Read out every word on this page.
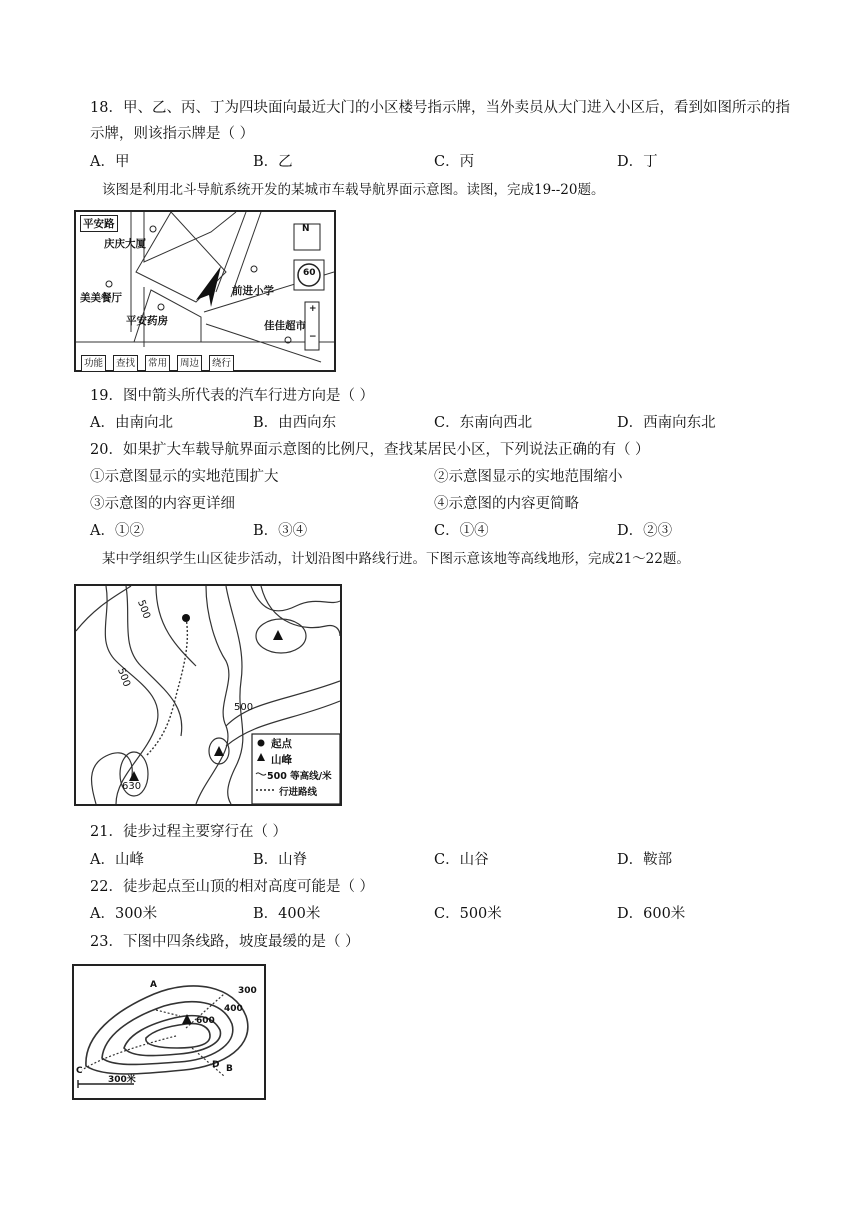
18．甲、乙、丙、丁为四块面向最近大门的小区楼号指示牌，当外卖员从大门进入小区后，看到如图所示的指
示牌，则该指示牌是（ ）
A．甲	B．乙	C．丙	D．丁
该图是利用北斗导航系统开发的某城市车载导航界面示意图。读图，完成19--20题。
平安路
庆庆大厦
美美餐厅
平安药房
前进小学
佳佳超市
N
60
+
−
功能	查找	常用	周边	绕行
19．图中箭头所代表的汽车行进方向是（ ）
A．由南向北	B．由西向东	C．东南向西北	D．西南向东北
20．如果扩大车载导航界面示意图的比例尺，查找某居民小区，下列说法正确的有（ ）
①示意图显示的实地范围扩大	②示意图显示的实地范围缩小
③示意图的内容更详细	④示意图的内容更简略
A．①②	B．③④	C．①④	D．②③
某中学组织学生山区徒步活动，计划沿图中路线行进。下图示意该地等高线地形，完成21～22题。
500
500
500
630
起点
山峰
500 等高线/米
行进路线
21．徒步过程主要穿行在（ ）
A．山峰	B．山脊	C．山谷	D．鞍部
22．徒步起点至山顶的相对高度可能是（ ）
A．300米	B．400米	C．500米	D．600米
23．下图中四条线路，坡度最缓的是（ ）
A
B
C
D
300
400
600
300米
